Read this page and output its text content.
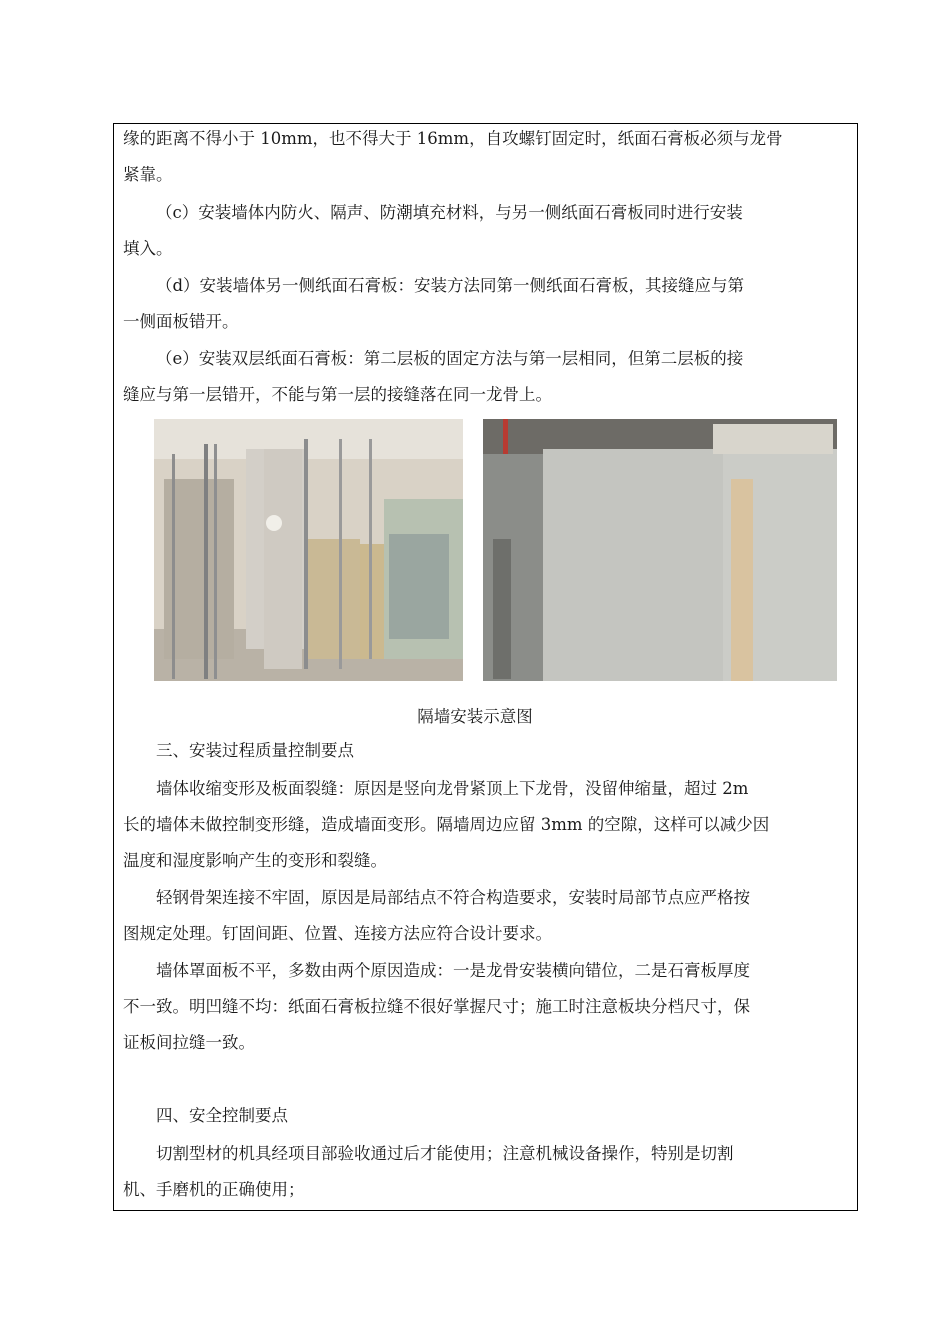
缘的距离不得小于 10mm，也不得大于 16mm，自攻螺钉固定时，纸面石膏板必须与龙骨

紧靠。

（c）安装墙体内防火、隔声、防潮填充材料，与另一侧纸面石膏板同时进行安装

填入。

（d）安装墙体另一侧纸面石膏板：安装方法同第一侧纸面石膏板，其接缝应与第

一侧面板错开。

（e）安装双层纸面石膏板：第二层板的固定方法与第一层相同，但第二层板的接

缝应与第一层错开，不能与第一层的接缝落在同一龙骨上。

隔墙安装示意图

三、安装过程质量控制要点

墙体收缩变形及板面裂缝：原因是竖向龙骨紧顶上下龙骨，没留伸缩量，超过 2m

长的墙体未做控制变形缝，造成墙面变形。隔墙周边应留 3mm 的空隙，这样可以减少因

温度和湿度影响产生的变形和裂缝。

轻钢骨架连接不牢固，原因是局部结点不符合构造要求，安装时局部节点应严格按

图规定处理。钉固间距、位置、连接方法应符合设计要求。

墙体罩面板不平，多数由两个原因造成：一是龙骨安装横向错位，二是石膏板厚度

不一致。明凹缝不均：纸面石膏板拉缝不很好掌握尺寸；施工时注意板块分档尺寸，保

证板间拉缝一致。

四、安全控制要点

切割型材的机具经项目部验收通过后才能使用；注意机械设备操作，特别是切割

机、手磨机的正确使用；
